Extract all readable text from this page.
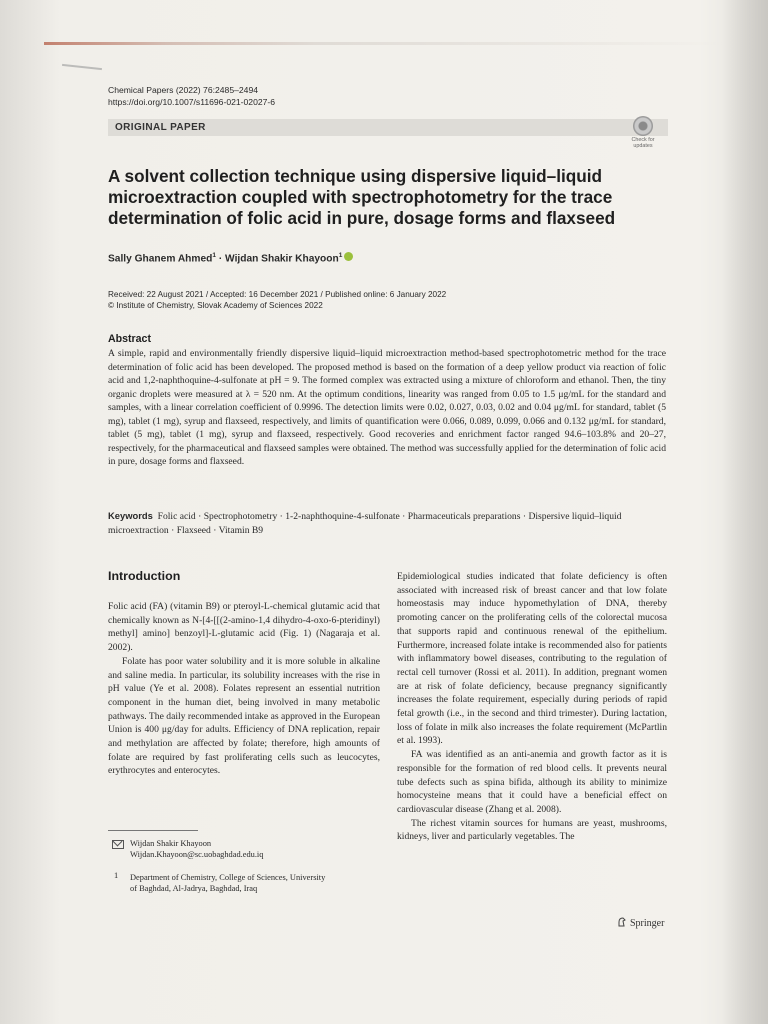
Chemical Papers (2022) 76:2485–2494
https://doi.org/10.1007/s11696-021-02027-6
ORIGINAL PAPER
Check for
updates
A solvent collection technique using dispersive liquid–liquid
microextraction coupled with spectrophotometry for the trace
determination of folic acid in pure, dosage forms and flaxseed
Sally Ghanem Ahmed$^1$ · Wijdan Shakir Khayoon$^1$
Received: 22 August 2021 / Accepted: 16 December 2021 / Published online: 6 January 2022
© Institute of Chemistry, Slovak Academy of Sciences 2022
Abstract
A simple, rapid and environmentally friendly dispersive liquid–liquid microextraction method-based spectrophotometric method for the trace determination of folic acid has been developed. The proposed method is based on the formation of a deep yellow product via reaction of folic acid and 1,2-naphthoquine-4-sulfonate at pH = 9. The formed complex was extracted using a mixture of chloroform and ethanol. Then, the tiny organic droplets were measured at λ = 520 nm. At the optimum conditions, linearity was ranged from 0.05 to 1.5 μg/mL for the standard and samples, with a linear correlation coefficient of 0.9996. The detection limits were 0.02, 0.027, 0.03, 0.02 and 0.04 μg/mL for standard, tablet (5 mg), tablet (1 mg), syrup and flaxseed, respectively, and limits of quantification were 0.066, 0.089, 0.099, 0.066 and 0.132 μg/mL for standard, tablet (5 mg), tablet (1 mg), syrup and flaxseed, respectively. Good recoveries and enrichment factor ranged 94.6–103.8% and 20–27, respectively, for the pharmaceutical and flaxseed samples were obtained. The method was successfully applied for the determination of folic acid in pure, dosage forms and flaxseed.
Keywords Folic acid · Spectrophotometry · 1-2-naphthoquine-4-sulfonate · Pharmaceuticals preparations · Dispersive liquid–liquid microextraction · Flaxseed · Vitamin B9
Introduction

Folic acid (FA) (vitamin B9) or pteroyl-L-chemical glutamic acid that chemically known as N-[4-[[(2-amino-1,4 dihydro-4-oxo-6-pteridinyl) methyl] amino] benzoyl]-L-glutamic acid (Fig. 1) (Nagaraja et al. 2002).

Folate has poor water solubility and it is more soluble in alkaline and saline media. In particular, its solubility increases with the rise in pH value (Ye et al. 2008). Folates represent an essential nutrition component in the human diet, being involved in many metabolic pathways. The daily recommended intake as approved in the European Union is 400 μg/day for adults. Efficiency of DNA replication, repair and methylation are affected by folate; therefore, high amounts of folate are required by fast proliferating cells such as leucocytes, erythrocytes and enterocytes.

Epidemiological studies indicated that folate deficiency is often associated with increased risk of breast cancer and that low folate homeostasis may induce hypomethylation of DNA, thereby promoting cancer on the proliferating cells of the colorectal mucosa that supports rapid and continuous renewal of the epithelium. Furthermore, increased folate intake is recommended also for patients with inflammatory bowel diseases, contributing to the regulation of rectal cell turnover (Rossi et al. 2011). In addition, pregnant women are at risk of folate deficiency, because pregnancy significantly increases the folate requirement, especially during periods of rapid fetal growth (i.e., in the second and third trimester). During lactation, loss of folate in milk also increases the folate requirement (McPartlin et al. 1993).

FA was identified as an anti-anemia and growth factor as it is responsible for the formation of red blood cells. It prevents neural tube defects such as spina bifida, although its ability to minimize homocysteine means that it could have a beneficial effect on cardiovascular disease (Zhang et al. 2008).

The richest vitamin sources for humans are yeast, mushrooms, kidneys, liver and particularly vegetables. The

Wijdan Shakir Khayoon
Wijdan.Khayoon@sc.uobaghdad.edu.iq
1 Department of Chemistry, College of Sciences, University
of Baghdad, Al-Jadrya, Baghdad, Iraq
Springer
